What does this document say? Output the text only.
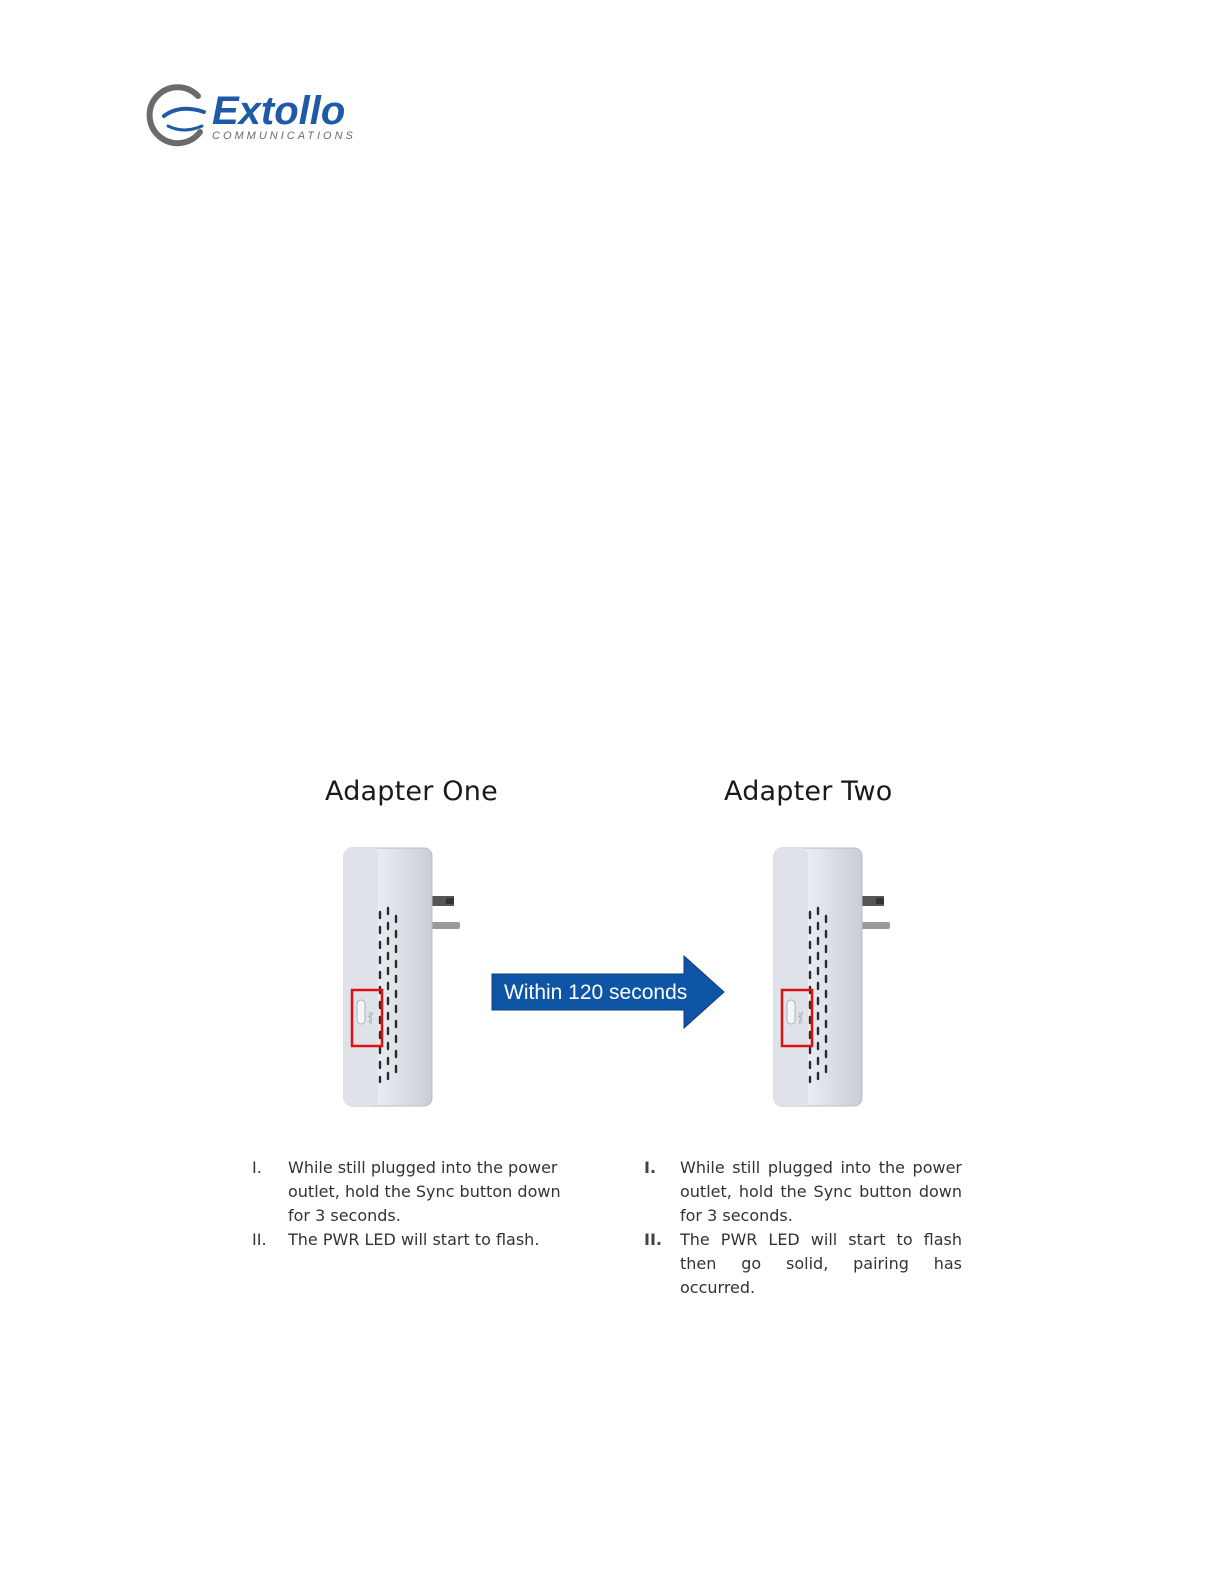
Extollo
COMMUNICATIONS
Adapter One	Adapter Two
Sync
Within 120 seconds
Sync
I.	While still plugged into the power outlet, hold the Sync button down for 3 seconds.
II.	The PWR LED will start to flash.
I.	While still plugged into the power outlet, hold the Sync button down for 3 seconds.
II.	The PWR LED will start to flash then go solid, pairing has occurred.
